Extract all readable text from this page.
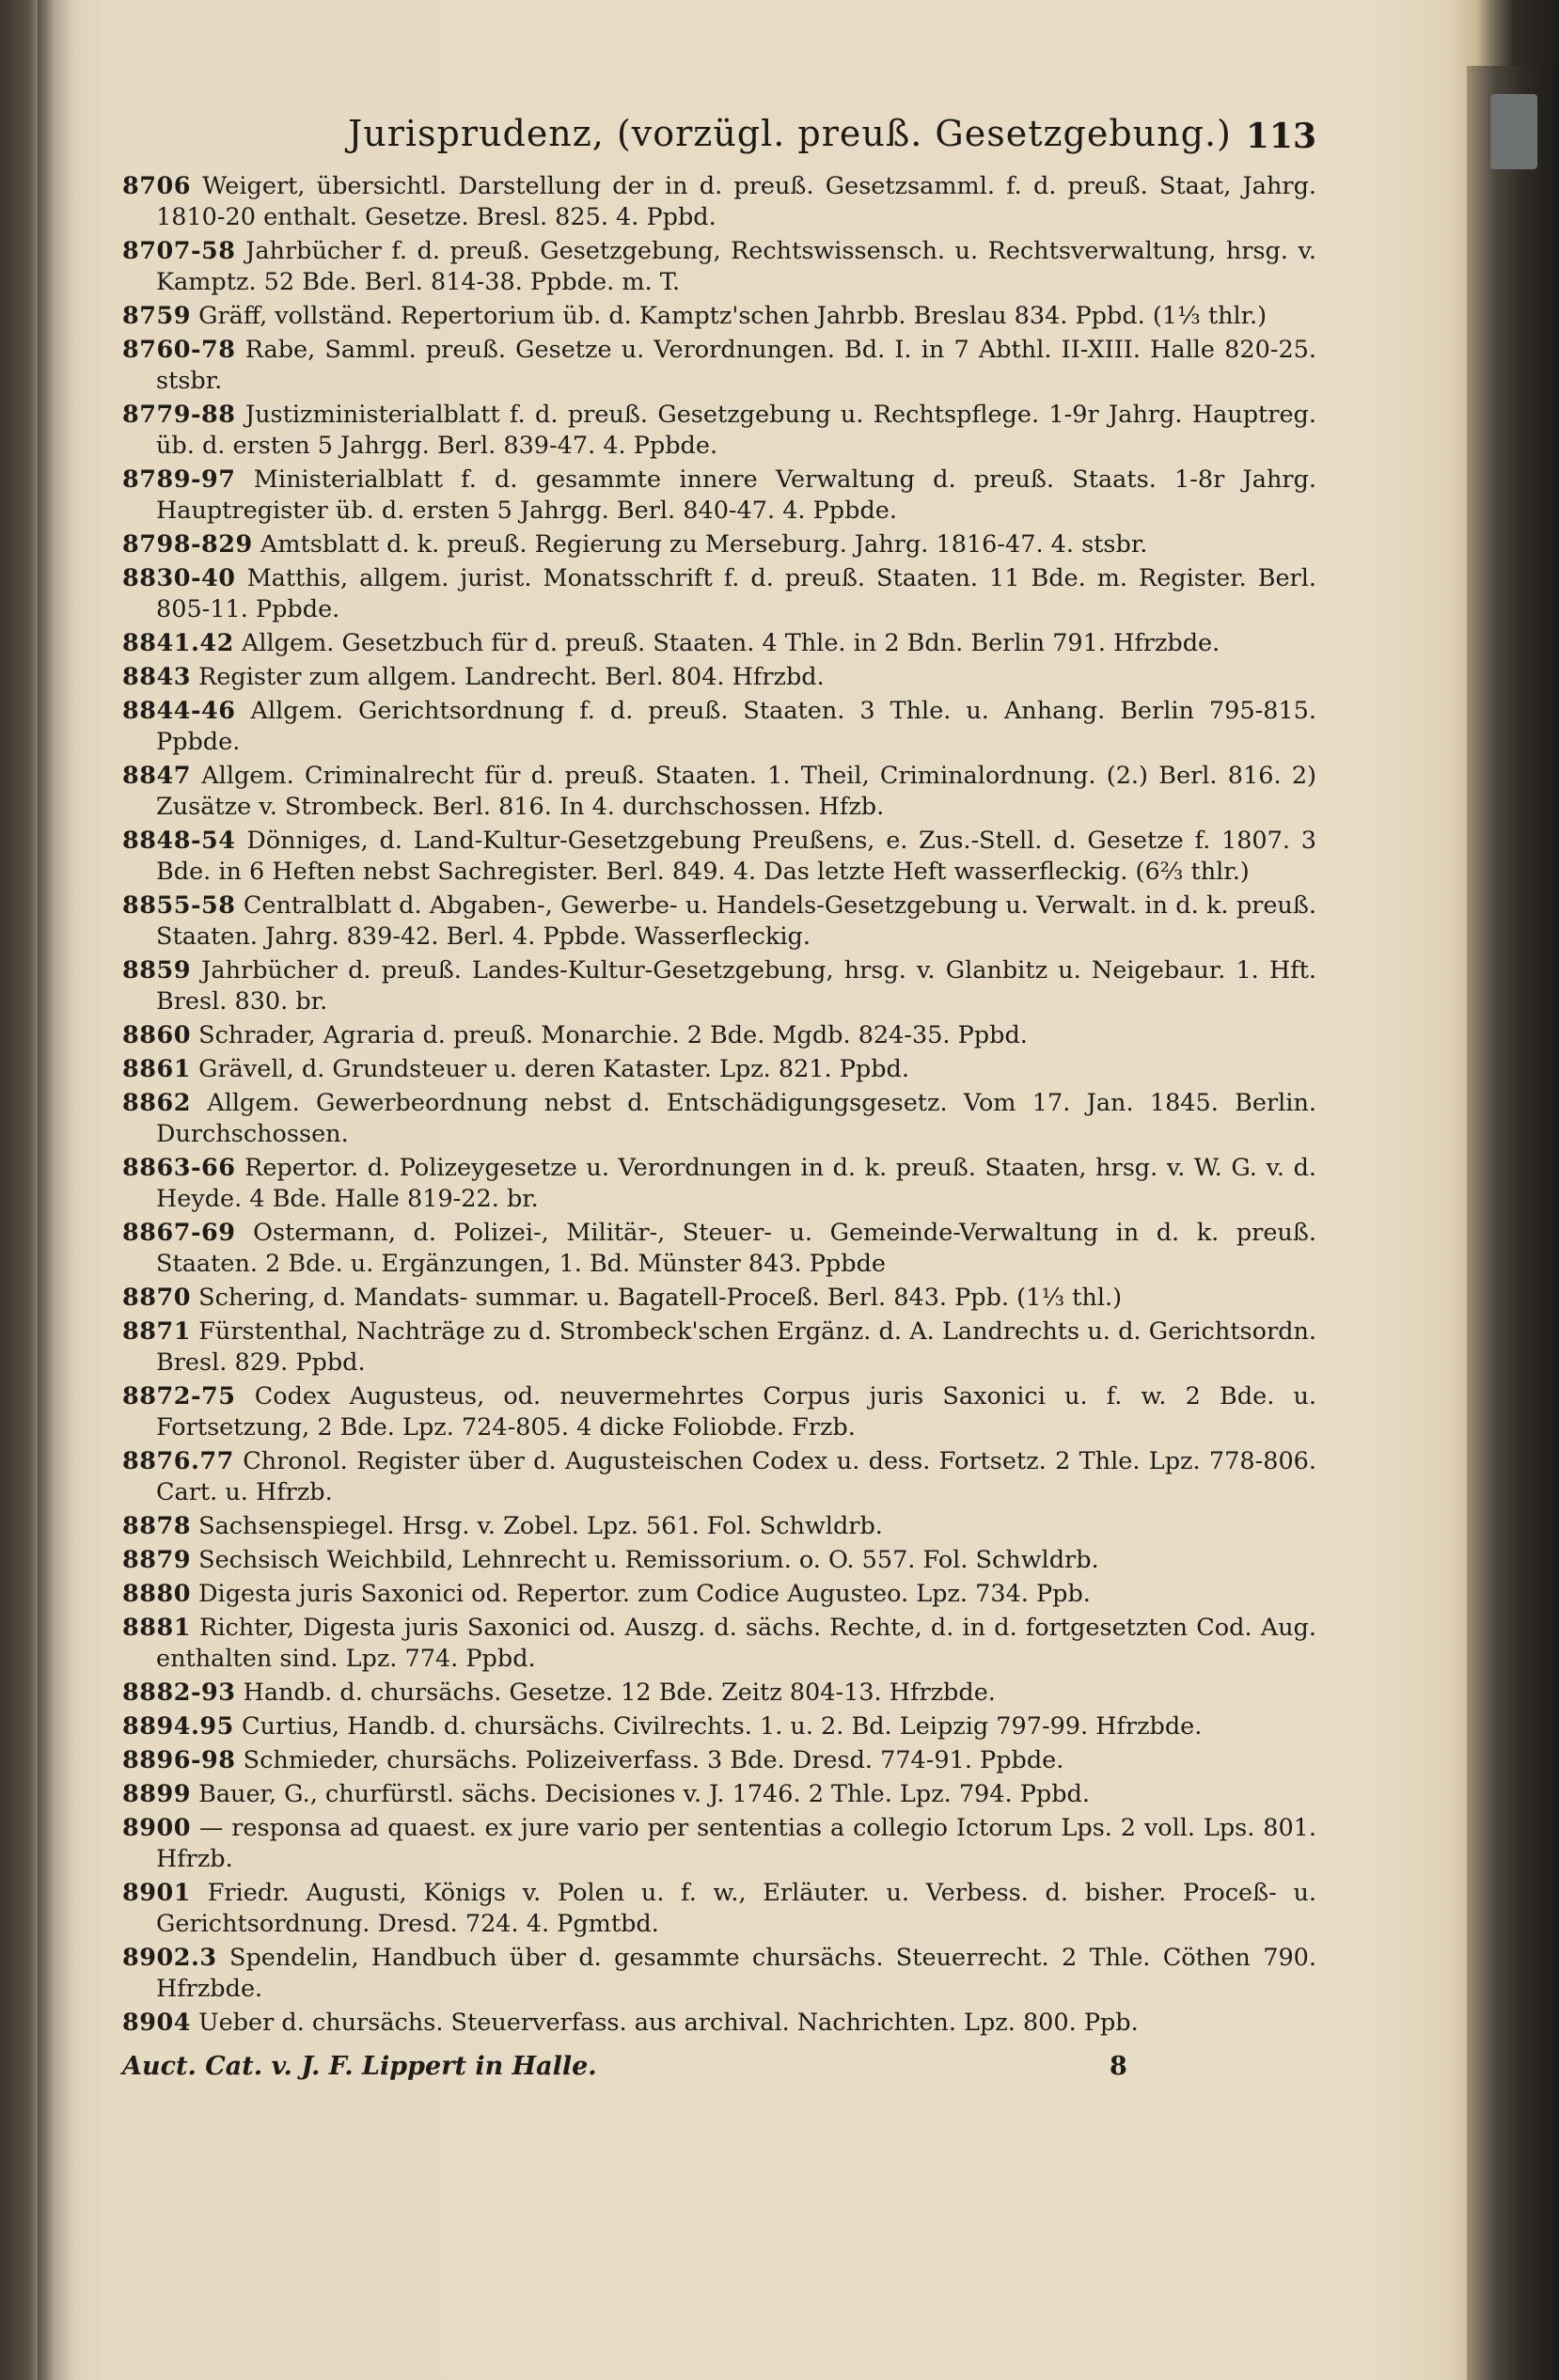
Jurisprudenz, (vorzügl. preuß. Gesetzgebung.) 113
8706 Weigert, übersichtl. Darstellung der in d. preuß. Gesetzsamml. f. d. preuß. Staat, Jahrg. 1810-20 enthalt. Gesetze. Bresl. 825. 4. Ppbd.
8707-58 Jahrbücher f. d. preuß. Gesetzgebung, Rechtswissensch. u. Rechtsverwaltung, hrsg. v. Kamptz. 52 Bde. Berl. 814-38. Ppbde. m. T.
8759 Gräff, vollständ. Repertorium üb. d. Kamptz'schen Jahrbb. Breslau 834. Ppbd. (1⅓ thlr.)
8760-78 Rabe, Samml. preuß. Gesetze u. Verordnungen. Bd. I. in 7 Abthl. II-XIII. Halle 820-25. stsbr.
8779-88 Justizministerialblatt f. d. preuß. Gesetzgebung u. Rechtspflege. 1-9r Jahrg. Hauptreg. üb. d. ersten 5 Jahrgg. Berl. 839-47. 4. Ppbde.
8789-97 Ministerialblatt f. d. gesammte innere Verwaltung d. preuß. Staats. 1-8r Jahrg. Hauptregister üb. d. ersten 5 Jahrgg. Berl. 840-47. 4. Ppbde.
8798-829 Amtsblatt d. k. preuß. Regierung zu Merseburg. Jahrg. 1816-47. 4. stsbr.
8830-40 Matthis, allgem. jurist. Monatsschrift f. d. preuß. Staaten. 11 Bde. m. Register. Berl. 805-11. Ppbde.
8841.42 Allgem. Gesetzbuch für d. preuß. Staaten. 4 Thle. in 2 Bdn. Berlin 791. Hfrzbde.
8843 Register zum allgem. Landrecht. Berl. 804. Hfrzbd.
8844-46 Allgem. Gerichtsordnung f. d. preuß. Staaten. 3 Thle. u. Anhang. Berlin 795-815. Ppbde.
8847 Allgem. Criminalrecht für d. preuß. Staaten. 1. Theil, Criminalordnung. (2.) Berl. 816. 2) Zusätze v. Strombeck. Berl. 816. In 4. durchschossen. Hfzb.
8848-54 Dönniges, d. Land-Kultur-Gesetzgebung Preußens, e. Zus.-Stell. d. Gesetze f. 1807. 3 Bde. in 6 Heften nebst Sachregister. Berl. 849. 4. Das letzte Heft wasserfleckig. (6⅔ thlr.)
8855-58 Centralblatt d. Abgaben-, Gewerbe- u. Handels-Gesetzgebung u. Verwalt. in d. k. preuß. Staaten. Jahrg. 839-42. Berl. 4. Ppbde. Wasserfleckig.
8859 Jahrbücher d. preuß. Landes-Kultur-Gesetzgebung, hrsg. v. Glanbitz u. Neigebaur. 1. Hft. Bresl. 830. br.
8860 Schrader, Agraria d. preuß. Monarchie. 2 Bde. Mgdb. 824-35. Ppbd.
8861 Grävell, d. Grundsteuer u. deren Kataster. Lpz. 821. Ppbd.
8862 Allgem. Gewerbeordnung nebst d. Entschädigungsgesetz. Vom 17. Jan. 1845. Berlin. Durchschossen.
8863-66 Repertor. d. Polizeygesetze u. Verordnungen in d. k. preuß. Staaten, hrsg. v. W. G. v. d. Heyde. 4 Bde. Halle 819-22. br.
8867-69 Ostermann, d. Polizei-, Militär-, Steuer- u. Gemeinde-Verwaltung in d. k. preuß. Staaten. 2 Bde. u. Ergänzungen, 1. Bd. Münster 843. Ppbde
8870 Schering, d. Mandats- summar. u. Bagatell-Proceß. Berl. 843. Ppb. (1⅓ thl.)
8871 Fürstenthal, Nachträge zu d. Strombeck'schen Ergänz. d. A. Landrechts u. d. Gerichtsordn. Bresl. 829. Ppbd.
8872-75 Codex Augusteus, od. neuvermehrtes Corpus juris Saxonici u. f. w. 2 Bde. u. Fortsetzung, 2 Bde. Lpz. 724-805. 4 dicke Foliobde. Frzb.
8876.77 Chronol. Register über d. Augusteischen Codex u. dess. Fortsetz. 2 Thle. Lpz. 778-806. Cart. u. Hfrzb.
8878 Sachsenspiegel. Hrsg. v. Zobel. Lpz. 561. Fol. Schwldrb.
8879 Sechsisch Weichbild, Lehnrecht u. Remissorium. o. O. 557. Fol. Schwldrb.
8880 Digesta juris Saxonici od. Repertor. zum Codice Augusteo. Lpz. 734. Ppb.
8881 Richter, Digesta juris Saxonici od. Auszg. d. sächs. Rechte, d. in d. fortgesetzten Cod. Aug. enthalten sind. Lpz. 774. Ppbd.
8882-93 Handb. d. chursächs. Gesetze. 12 Bde. Zeitz 804-13. Hfrzbde.
8894.95 Curtius, Handb. d. chursächs. Civilrechts. 1. u. 2. Bd. Leipzig 797-99. Hfrzbde.
8896-98 Schmieder, chursächs. Polizeiverfass. 3 Bde. Dresd. 774-91. Ppbde.
8899 Bauer, G., churfürstl. sächs. Decisiones v. J. 1746. 2 Thle. Lpz. 794. Ppbd.
8900 — responsa ad quaest. ex jure vario per sententias a collegio Ictorum Lps. 2 voll. Lps. 801. Hfrzb.
8901 Friedr. Augusti, Königs v. Polen u. f. w., Erläuter. u. Verbess. d. bisher. Proceß- u. Gerichtsordnung. Dresd. 724. 4. Pgmtbd.
8902.3 Spendelin, Handbuch über d. gesammte chursächs. Steuerrecht. 2 Thle. Cöthen 790. Hfrzbde.
8904 Ueber d. chursächs. Steuerverfass. aus archival. Nachrichten. Lpz. 800. Ppb.
Auct. Cat. v. J. F. Lippert in Halle.	8
